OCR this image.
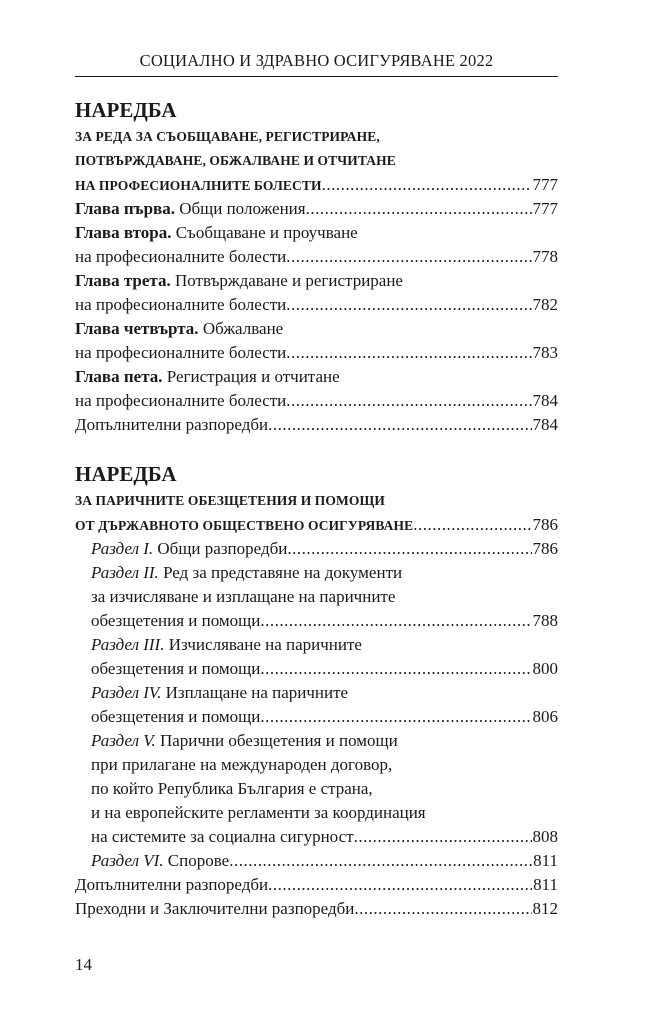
СОЦИАЛНО И ЗДРАВНО ОСИГУРЯВАНЕ 2022
НАРЕДБА
ЗА РЕДА ЗА СЪОБЩАВАНЕ, РЕГИСТРИРАНЕ,
ПОТВЪРЖДАВАНЕ, ОБЖАЛВАНЕ И ОТЧИТАНЕ
НА ПРОФЕСИОНАЛНИТЕ БОЛЕСТИ .....	777
Глава първа. Общи положения .....	777
Глава втора. Съобщаване и проучване
на професионалните болести .....	778
Глава трета. Потвърждаване и регистриране
на професионалните болести .....	782
Глава четвърта. Обжалване
на професионалните болести .....	783
Глава пета. Регистрация и отчитане
на професионалните болести .....	784
Допълнителни разпоредби .....	784
НАРЕДБА
ЗА ПАРИЧНИТЕ ОБЕЗЩЕТЕНИЯ И ПОМОЩИ
ОТ ДЪРЖАВНОТО ОБЩЕСТВЕНО ОСИГУРЯВАНЕ .....	786
Раздел I. Общи разпоредби .....	786
Раздел II. Ред за представяне на документи
за изчисляване и изплащане на паричните
обезщетения и помощи .....	788
Раздел III. Изчисляване на паричните
обезщетения и помощи .....	800
Раздел IV. Изплащане на паричните
обезщетения и помощи .....	806
Раздел V. Парични обезщетения и помощи
при прилагане на международен договор,
по който Република България е страна,
и на европейските регламенти за координация
на системите за социална сигурност .....	808
Раздел VI. Спорове .....	811
Допълнителни разпоредби .....	811
Преходни и Заключителни разпоредби .....	812
14
